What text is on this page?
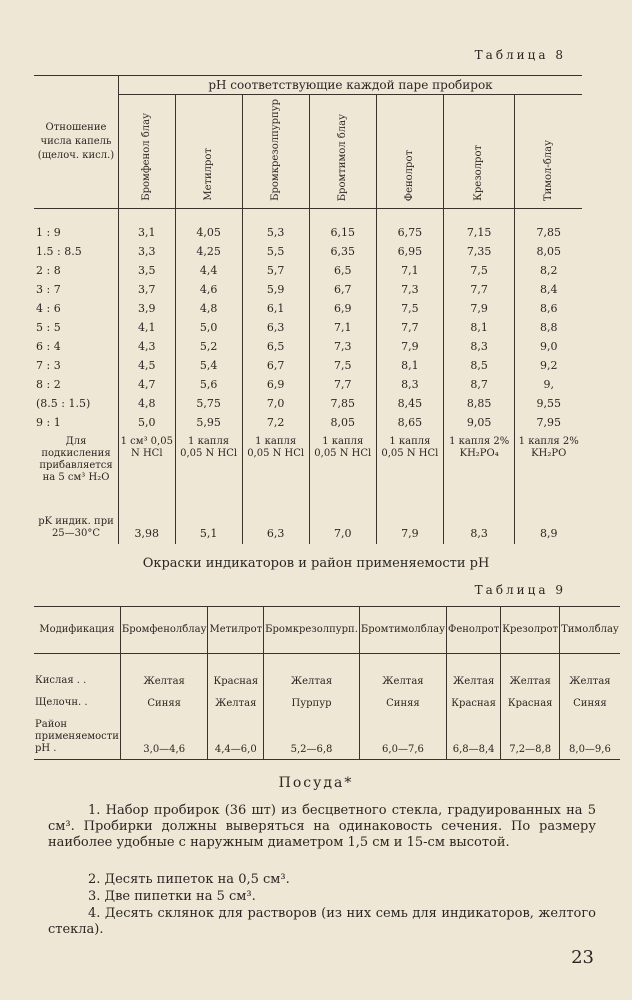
Таблица 8
Отношение числа капель (щелоч. кисл.)	pH соответствующие каждой паре пробирок						
	Бромфенол блау	Метилрот	Бромкрезолпурпур	Бромтимол блау	Фенолрот	Крезолрот	Тимол-блау
1 : 9	3,1	4,05	5,3	6,15	6,75	7,15	7,85
1.5 : 8.5	3,3	4,25	5,5	6,35	6,95	7,35	8,05
2 : 8	3,5	4,4	5,7	6,5	7,1	7,5	8,2
3 : 7	3,7	4,6	5,9	6,7	7,3	7,7	8,4
4 : 6	3,9	4,8	6,1	6,9	7,5	7,9	8,6
5 : 5	4,1	5,0	6,3	7,1	7,7	8,1	8,8
6 : 4	4,3	5,2	6,5	7,3	7,9	8,3	9,0
7 : 3	4,5	5,4	6,7	7,5	8,1	8,5	9,2
8 : 2	4,7	5,6	6,9	7,7	8,3	8,7	9,
(8.5 : 1.5)	4,8	5,75	7,0	7,85	8,45	8,85	9,55
9 : 1	5,0	5,95	7,2	8,05	8,65	9,05	7,95
Для подкисления прибавляется на 5 см³ H₂O	1 см³ 0,05 N HCl	1 капля 0,05 N HCl	1 капля 0,05 N HCl	1 капля 0,05 N HCl	1 капля 0,05 N HCl	1 капля 2% KH₂PO₄	1 капля 2% KH₂PO
pK индик. при 25—30°C	3,98	5,1	6,3	7,0	7,9	8,3	8,9
Окраски индикаторов и район применяемости pH
Таблица 9
Модификация	Бромфенолблау	Метилрот	Бромкрезолпурп.	Бромтимолблау	Фенолрот	Крезолрот	Тимолблау

Кислая . .	Желтая	Красная	Желтая	Желтая	Желтая	Желтая	Желтая
Щелочн. .	Синяя	Желтая	Пурпур	Синяя	Красная	Красная	Синяя
Район применяемости pH .	3,0—4,6	4,4—6,0	5,2—6,8	6,0—7,6	6,8—8,4	7,2—8,8	8,0—9,6
Посуда*
1. Набор пробирок (36 шт) из бесцветного стекла, градуированных на 5 см³. Пробирки должны выверяться на одинаковость сечения. По размеру наиболее удобные с наружным диаметром 1,5 см и 15-см высотой.
2. Десять пипеток на 0,5 см³.
3. Две пипетки на 5 см³.
4. Десять склянок для растворов (из них семь для индикаторов, желтого стекла).
23
